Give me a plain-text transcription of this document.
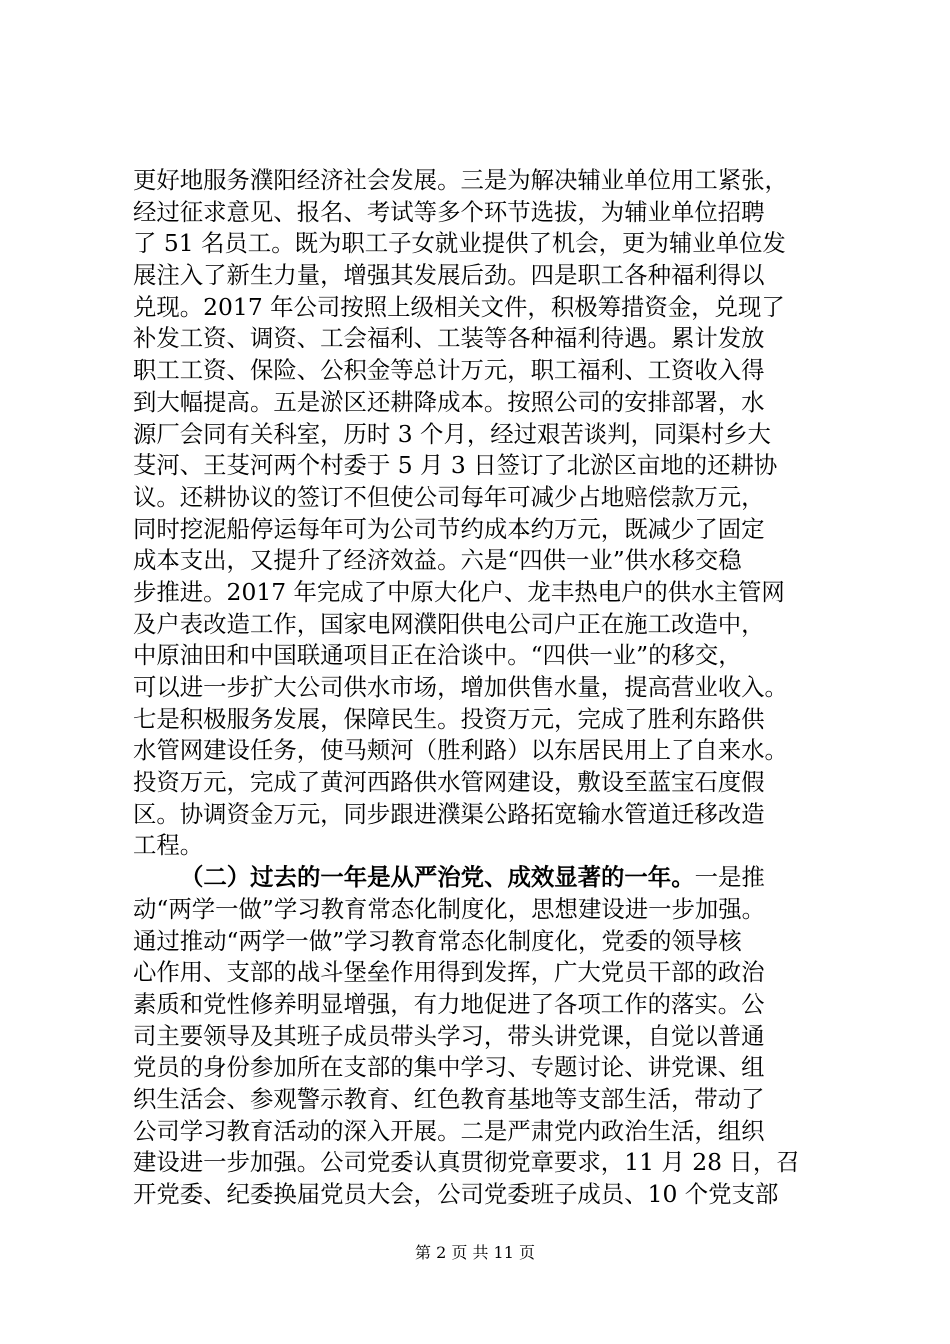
更好地服务濮阳经济社会发展。三是为解决辅业单位用工紧张，
经过征求意见、报名、考试等多个环节选拔，为辅业单位招聘
了 51 名员工。既为职工子女就业提供了机会，更为辅业单位发
展注入了新生力量，增强其发展后劲。四是职工各种福利得以
兑现。2017 年公司按照上级相关文件，积极筹措资金，兑现了
补发工资、调资、工会福利、工装等各种福利待遇。累计发放
职工工资、保险、公积金等总计万元，职工福利、工资收入得
到大幅提高。五是淤区还耕降成本。按照公司的安排部署，水
源厂会同有关科室，历时 3 个月，经过艰苦谈判，同渠村乡大
芟河、王芟河两个村委于 5 月 3 日签订了北淤区亩地的还耕协
议。还耕协议的签订不但使公司每年可减少占地赔偿款万元，
同时挖泥船停运每年可为公司节约成本约万元，既减少了固定
成本支出，又提升了经济效益。六是“四供一业”供水移交稳
步推进。2017 年完成了中原大化户、龙丰热电户的供水主管网
及户表改造工作，国家电网濮阳供电公司户正在施工改造中，
中原油田和中国联通项目正在洽谈中。“四供一业”的移交，
可以进一步扩大公司供水市场，增加供售水量，提高营业收入。
七是积极服务发展，保障民生。投资万元，完成了胜利东路供
水管网建设任务，使马颊河（胜利路）以东居民用上了自来水。
投资万元，完成了黄河西路供水管网建设，敷设至蓝宝石度假
区。协调资金万元，同步跟进濮渠公路拓宽输水管道迁移改造
工程。
（二）过去的一年是从严治党、成效显著的一年。一是推
动“两学一做”学习教育常态化制度化，思想建设进一步加强。
通过推动“两学一做”学习教育常态化制度化，党委的领导核
心作用、支部的战斗堡垒作用得到发挥，广大党员干部的政治
素质和党性修养明显增强，有力地促进了各项工作的落实。公
司主要领导及其班子成员带头学习，带头讲党课，自觉以普通
党员的身份参加所在支部的集中学习、专题讨论、讲党课、组
织生活会、参观警示教育、红色教育基地等支部生活，带动了
公司学习教育活动的深入开展。二是严肃党内政治生活，组织
建设进一步加强。公司党委认真贯彻党章要求，11 月 28 日，召
开党委、纪委换届党员大会，公司党委班子成员、10 个党支部
第 2 页 共 11 页
